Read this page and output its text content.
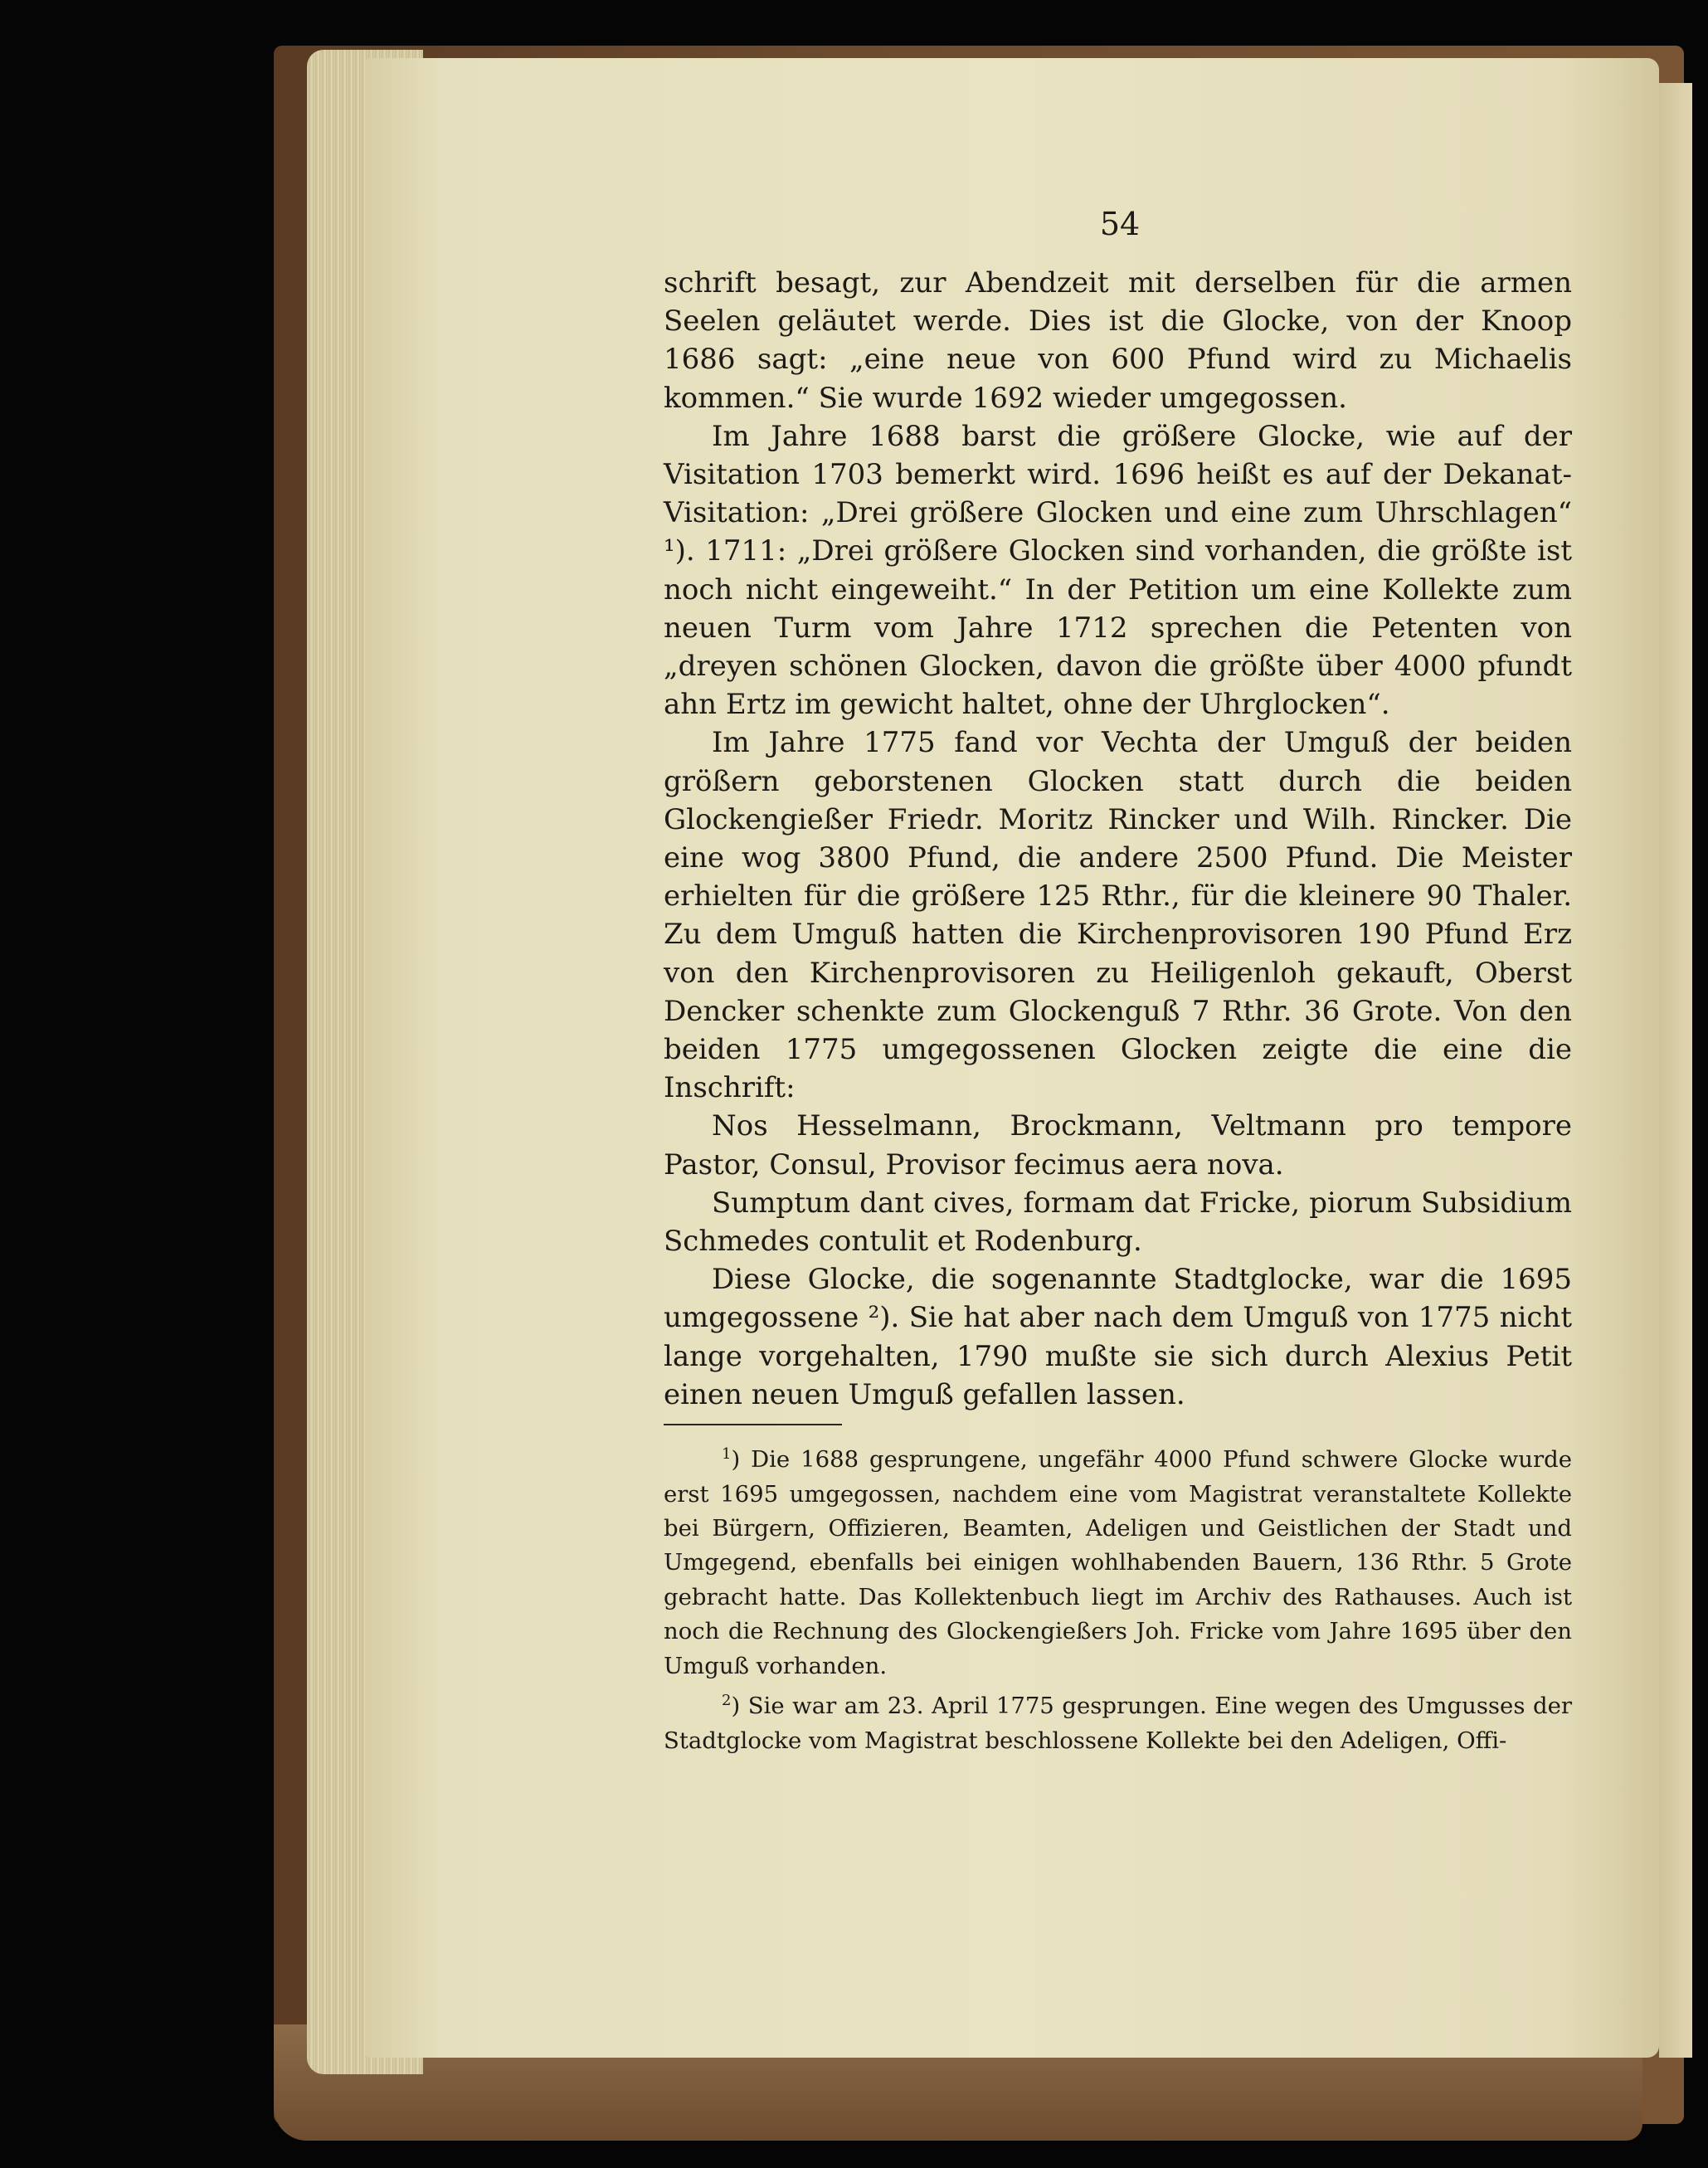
54

schrift besagt, zur Abendzeit mit derselben für die armen Seelen geläutet werde. Dies ist die Glocke, von der Knoop 1686 sagt: „eine neue von 600 Pfund wird zu Michaelis kommen.“ Sie wurde 1692 wieder umgegossen.

Im Jahre 1688 barst die größere Glocke, wie auf der Visitation 1703 bemerkt wird. 1696 heißt es auf der Dekanat-Visitation: „Drei größere Glocken und eine zum Uhrschlagen“ ¹). 1711: „Drei größere Glocken sind vorhanden, die größte ist noch nicht eingeweiht.“ In der Petition um eine Kollekte zum neuen Turm vom Jahre 1712 sprechen die Petenten von „dreyen schönen Glocken, davon die größte über 4000 pfundt ahn Ertz im gewicht haltet, ohne der Uhrglocken“.

Im Jahre 1775 fand vor Vechta der Umguß der beiden größern geborstenen Glocken statt durch die beiden Glockengießer Friedr. Moritz Rincker und Wilh. Rincker. Die eine wog 3800 Pfund, die andere 2500 Pfund. Die Meister erhielten für die größere 125 Rthr., für die kleinere 90 Thaler. Zu dem Umguß hatten die Kirchenprovisoren 190 Pfund Erz von den Kirchenprovisoren zu Heiligenloh gekauft, Oberst Dencker schenkte zum Glockenguß 7 Rthr. 36 Grote. Von den beiden 1775 umgegossenen Glocken zeigte die eine die Inschrift:

Nos Hesselmann, Brockmann, Veltmann pro tempore Pastor, Consul, Provisor fecimus aera nova.

Sumptum dant cives, formam dat Fricke, piorum Subsidium Schmedes contulit et Rodenburg.

Diese Glocke, die sogenannte Stadtglocke, war die 1695 umgegossene ²). Sie hat aber nach dem Umguß von 1775 nicht lange vorgehalten, 1790 mußte sie sich durch Alexius Petit einen neuen Umguß gefallen lassen.

$^1$) Die 1688 gesprungene, ungefähr 4000 Pfund schwere Glocke wurde erst 1695 umgegossen, nachdem eine vom Magistrat veranstaltete Kollekte bei Bürgern, Offizieren, Beamten, Adeligen und Geistlichen der Stadt und Umgegend, ebenfalls bei einigen wohlhabenden Bauern, 136 Rthr. 5 Grote gebracht hatte. Das Kollektenbuch liegt im Archiv des Rathauses. Auch ist noch die Rechnung des Glockengießers Joh. Fricke vom Jahre 1695 über den Umguß vorhanden.

$^2$) Sie war am 23. April 1775 gesprungen. Eine wegen des Umgusses der Stadtglocke vom Magistrat beschlossene Kollekte bei den Adeligen, Offi-
